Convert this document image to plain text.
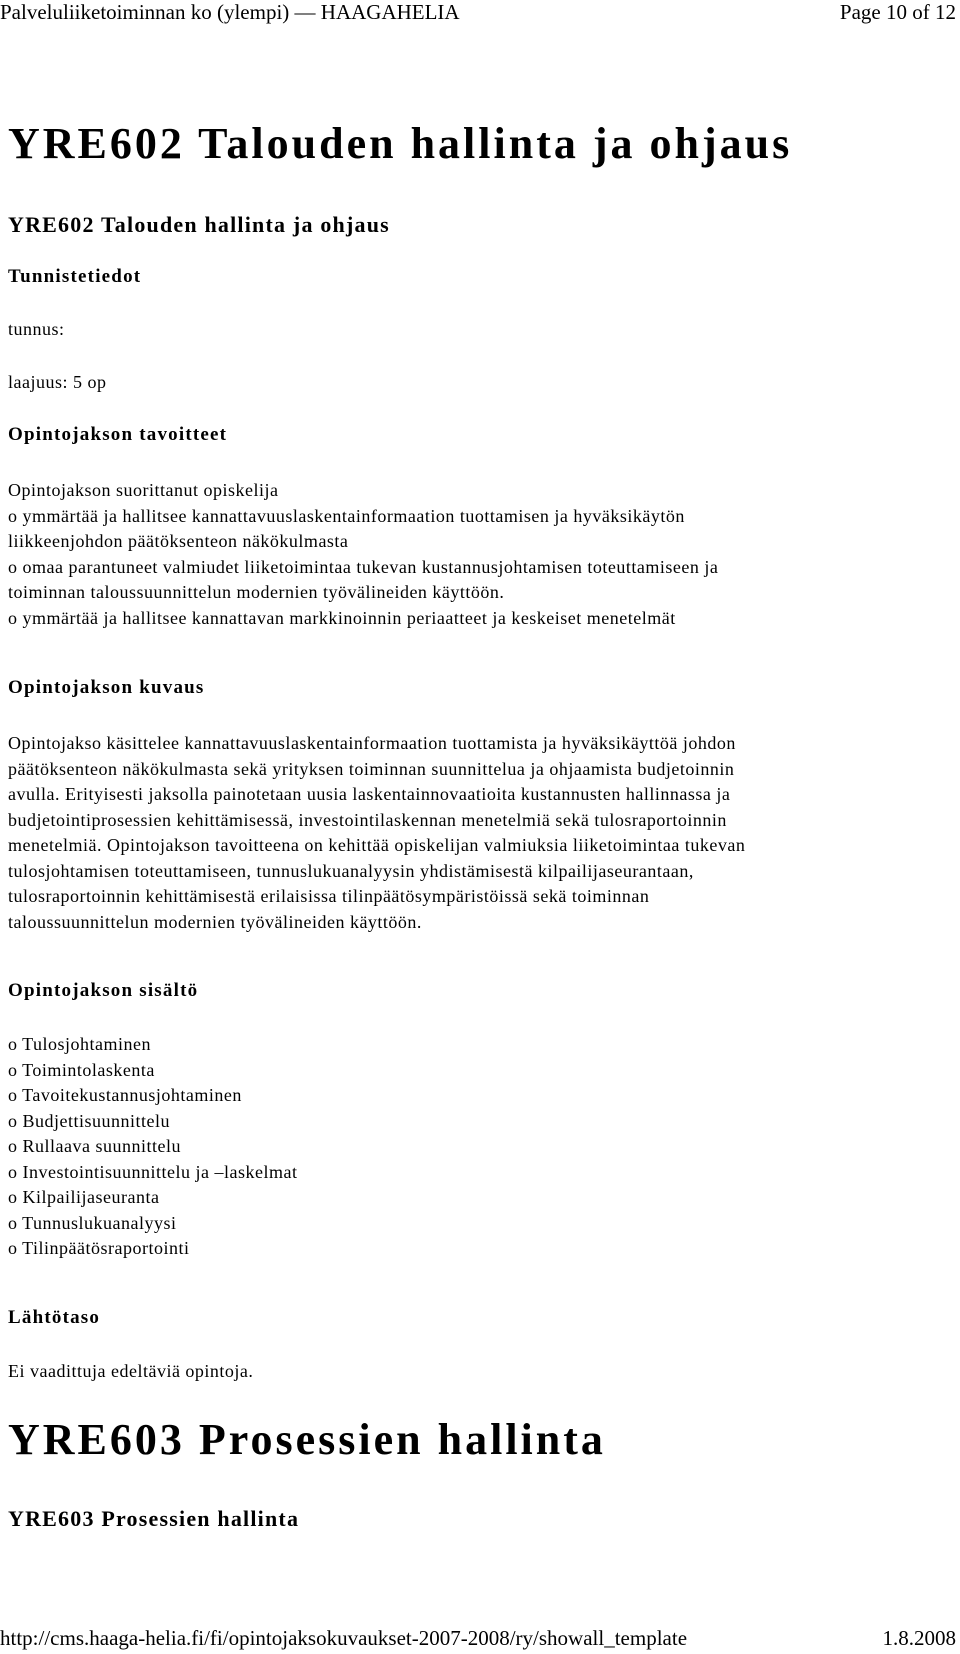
Palveluliiketoiminnan ko (ylempi) — HAAGAHELIA	Page 10 of 12
YRE602 Talouden hallinta ja ohjaus
YRE602 Talouden hallinta ja ohjaus
Tunnistetiedot

tunnus:

laajuus: 5 op

Opintojakson tavoitteet
Opintojakson suorittanut opiskelija
o ymmärtää ja hallitsee kannattavuuslaskentainformaation tuottamisen ja hyväksikäytön
liikkeenjohdon päätöksenteon näkökulmasta
o omaa parantuneet valmiudet liiketoimintaa tukevan kustannusjohtamisen toteuttamiseen ja
toiminnan taloussuunnittelun modernien työvälineiden käyttöön.
o ymmärtää ja hallitsee kannattavan markkinoinnin periaatteet ja keskeiset menetelmät
Opintojakson kuvaus
Opintojakso käsittelee kannattavuuslaskentainformaation tuottamista ja hyväksikäyttöä johdon
päätöksenteon näkökulmasta sekä yrityksen toiminnan suunnittelua ja ohjaamista budjetoinnin
avulla. Erityisesti jaksolla painotetaan uusia laskentainnovaatioita kustannusten hallinnassa ja
budjetointiprosessien kehittämisessä, investointilaskennan menetelmiä sekä tulosraportoinnin
menetelmiä. Opintojakson tavoitteena on kehittää opiskelijan valmiuksia liiketoimintaa tukevan
tulosjohtamisen toteuttamiseen, tunnuslukuanalyysin yhdistämisestä kilpailijaseurantaan,
tulosraportoinnin kehittämisestä erilaisissa tilinpäätösympäristöissä sekä toiminnan
taloussuunnittelun modernien työvälineiden käyttöön.
Opintojakson sisältö
o Tulosjohtaminen
o Toimintolaskenta
o Tavoitekustannusjohtaminen
o Budjettisuunnittelu
o Rullaava suunnittelu
o Investointisuunnittelu ja –laskelmat
o Kilpailijaseuranta
o Tunnuslukuanalyysi
o Tilinpäätösraportointi
Lähtötaso

Ei vaadittuja edeltäviä opintoja.

YRE603 Prosessien hallinta
YRE603 Prosessien hallinta
http://cms.haaga-helia.fi/fi/opintojaksokuvaukset-2007-2008/ry/showall_template	1.8.2008
